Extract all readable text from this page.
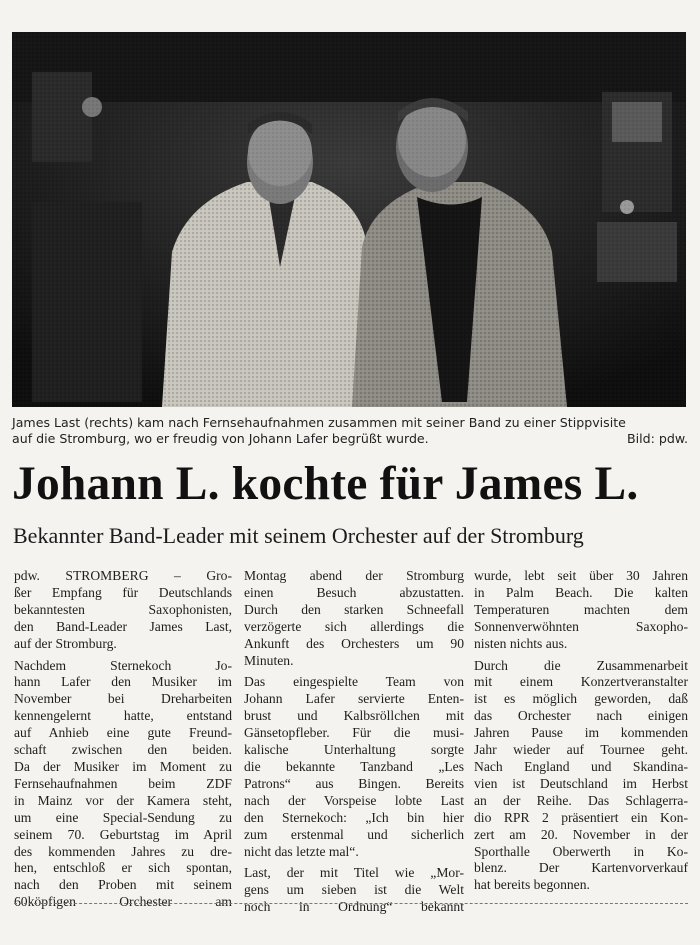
James Last (rechts) kam nach Fernsehaufnahmen zusammen mit seiner Band zu einer Stippvisite
auf die Stromburg, wo er freudig von Johann Lafer begrüßt wurde.	Bild: pdw.
Johann L. kochte für James L.
Bekannter Band-Leader mit seinem Orchester auf der Stromburg
pdw. STROMBERG – Gro-
ßer Empfang für Deutschlands
bekanntesten Saxophonisten,
den Band-Leader James Last,
auf der Stromburg.
Nachdem Sternekoch Jo-
hann Lafer den Musiker im
November bei Dreharbeiten
kennengelernt hatte, entstand
auf Anhieb eine gute Freund-
schaft zwischen den beiden.
Da der Musiker im Moment zu
Fernsehaufnahmen beim ZDF
in Mainz vor der Kamera steht,
um eine Special-Sendung zu
seinem 70. Geburtstag im April
des kommenden Jahres zu dre-
hen, entschloß er sich spontan,
nach den Proben mit seinem
60köpfigen Orchester am
Montag abend der Stromburg
einen Besuch abzustatten.
Durch den starken Schneefall
verzögerte sich allerdings die
Ankunft des Orchesters um 90
Minuten.
Das eingespielte Team von
Johann Lafer servierte Enten-
brust und Kalbsröllchen mit
Gänsetopfleber. Für die musi-
kalische Unterhaltung sorgte
die bekannte Tanzband „Les
Patrons“ aus Bingen. Bereits
nach der Vorspeise lobte Last
den Sternekoch: „Ich bin hier
zum erstenmal und sicherlich
nicht das letzte mal“.
Last, der mit Titel wie „Mor-
gens um sieben ist die Welt
noch in Ordnung“ bekannt
wurde, lebt seit über 30 Jahren
in Palm Beach. Die kalten
Temperaturen machten dem
Sonnenverwöhnten Saxopho-
nisten nichts aus.
Durch die Zusammenarbeit
mit einem Konzertveranstalter
ist es möglich geworden, daß
das Orchester nach einigen
Jahren Pause im kommenden
Jahr wieder auf Tournee geht.
Nach England und Skandina-
vien ist Deutschland im Herbst
an der Reihe. Das Schlagerra-
dio RPR 2 präsentiert ein Kon-
zert am 20. November in der
Sporthalle Oberwerth in Ko-
blenz. Der Kartenvorverkauf
hat bereits begonnen.
